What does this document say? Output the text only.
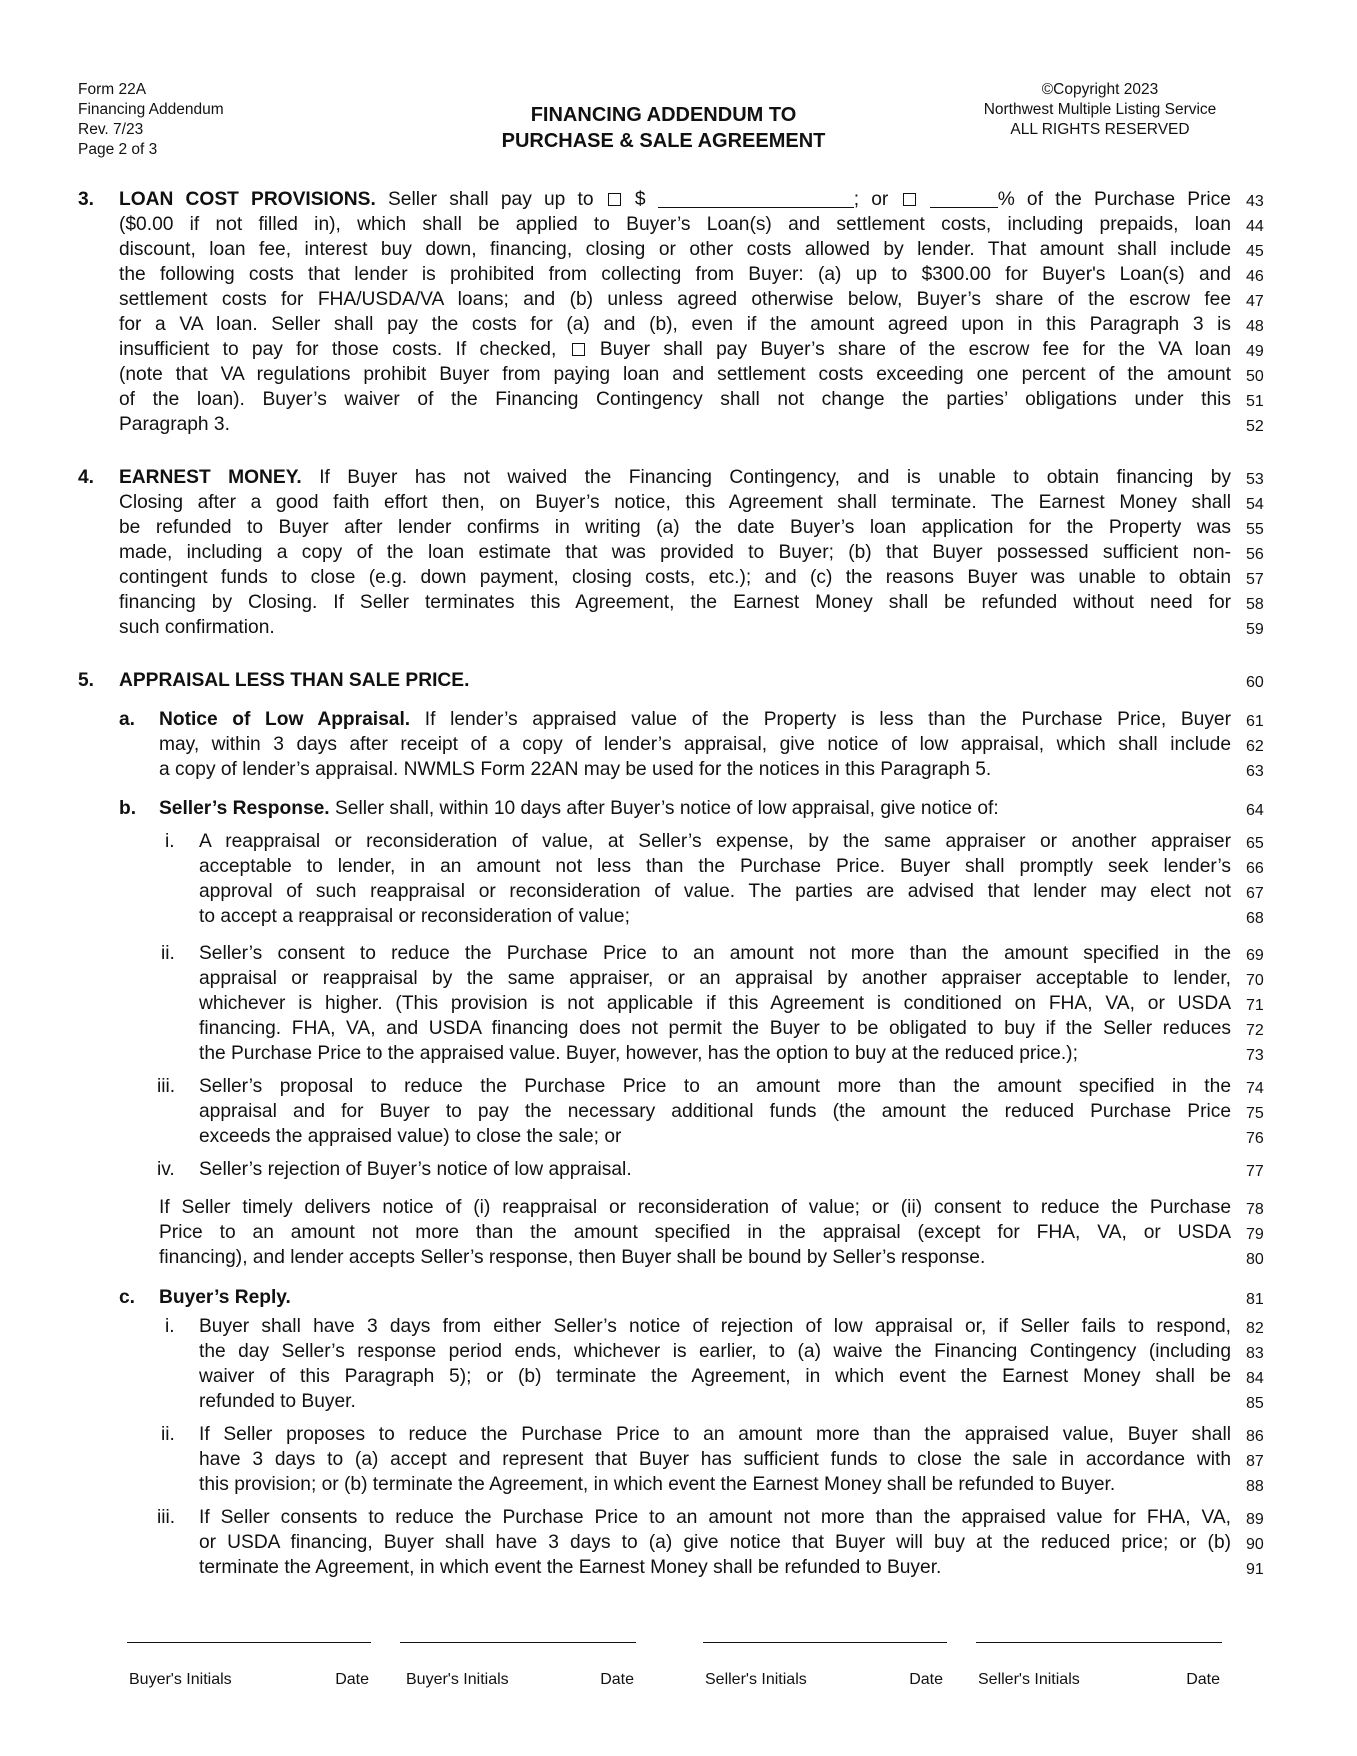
Form 22A
Financing Addendum
Rev. 7/23
Page 2 of 3
FINANCING ADDENDUM TO
PURCHASE & SALE AGREEMENT
©Copyright 2023
Northwest Multiple Listing Service
ALL RIGHTS RESERVED
3. LOAN COST PROVISIONS. Seller shall pay up to $	; or	% of the Purchase Price 43
($0.00 if not filled in), which shall be applied to Buyer’s Loan(s) and settlement costs, including prepaids, loan 44
discount, loan fee, interest buy down, financing, closing or other costs allowed by lender. That amount shall include 45
the following costs that lender is prohibited from collecting from Buyer: (a) up to $300.00 for Buyer's Loan(s) and 46
settlement costs for FHA/USDA/VA loans; and (b) unless agreed otherwise below, Buyer’s share of the escrow fee 47
for a VA loan. Seller shall pay the costs for (a) and (b), even if the amount agreed upon in this Paragraph 3 is 48
insufficient to pay for those costs. If checked, Buyer shall pay Buyer’s share of the escrow fee for the VA loan 49
(note that VA regulations prohibit Buyer from paying loan and settlement costs exceeding one percent of the amount 50
of the loan). Buyer’s waiver of the Financing Contingency shall not change the parties’ obligations under this 51
Paragraph 3.	52
4. EARNEST MONEY. If Buyer has not waived the Financing Contingency, and is unable to obtain financing by 53
Closing after a good faith effort then, on Buyer’s notice, this Agreement shall terminate. The Earnest Money shall 54
be refunded to Buyer after lender confirms in writing (a) the date Buyer’s loan application for the Property was 55
made, including a copy of the loan estimate that was provided to Buyer; (b) that Buyer possessed sufficient non- 56
contingent funds to close (e.g. down payment, closing costs, etc.); and (c) the reasons Buyer was unable to obtain 57
financing by Closing. If Seller terminates this Agreement, the Earnest Money shall be refunded without need for 58
such confirmation.	59
5. APPRAISAL LESS THAN SALE PRICE.	60
a. Notice of Low Appraisal. If lender’s appraised value of the Property is less than the Purchase Price, Buyer 61
may, within 3 days after receipt of a copy of lender’s appraisal, give notice of low appraisal, which shall include 62
a copy of lender’s appraisal. NWMLS Form 22AN may be used for the notices in this Paragraph 5.	63
b. Seller’s Response. Seller shall, within 10 days after Buyer’s notice of low appraisal, give notice of:	64
i. A reappraisal or reconsideration of value, at Seller’s expense, by the same appraiser or another appraiser 65
acceptable to lender, in an amount not less than the Purchase Price. Buyer shall promptly seek lender’s 66
approval of such reappraisal or reconsideration of value. The parties are advised that lender may elect not 67
to accept a reappraisal or reconsideration of value;	68
ii. Seller’s consent to reduce the Purchase Price to an amount not more than the amount specified in the 69
appraisal or reappraisal by the same appraiser, or an appraisal by another appraiser acceptable to lender, 70
whichever is higher. (This provision is not applicable if this Agreement is conditioned on FHA, VA, or USDA 71
financing. FHA, VA, and USDA financing does not permit the Buyer to be obligated to buy if the Seller reduces 72
the Purchase Price to the appraised value. Buyer, however, has the option to buy at the reduced price.);	73
iii. Seller’s proposal to reduce the Purchase Price to an amount more than the amount specified in the 74
appraisal and for Buyer to pay the necessary additional funds (the amount the reduced Purchase Price 75
exceeds the appraised value) to close the sale; or	76
iv. Seller’s rejection of Buyer’s notice of low appraisal.	77
If Seller timely delivers notice of (i) reappraisal or reconsideration of value; or (ii) consent to reduce the Purchase 78
Price to an amount not more than the amount specified in the appraisal (except for FHA, VA, or USDA 79
financing), and lender accepts Seller’s response, then Buyer shall be bound by Seller’s response.	80
c. Buyer’s Reply.	81
i. Buyer shall have 3 days from either Seller’s notice of rejection of low appraisal or, if Seller fails to respond, 82
the day Seller’s response period ends, whichever is earlier, to (a) waive the Financing Contingency (including 83
waiver of this Paragraph 5); or (b) terminate the Agreement, in which event the Earnest Money shall be 84
refunded to Buyer.	85
ii. If Seller proposes to reduce the Purchase Price to an amount more than the appraised value, Buyer shall 86
have 3 days to (a) accept and represent that Buyer has sufficient funds to close the sale in accordance with 87
this provision; or (b) terminate the Agreement, in which event the Earnest Money shall be refunded to Buyer.	88
iii. If Seller consents to reduce the Purchase Price to an amount not more than the appraised value for FHA, VA, 89
or USDA financing, Buyer shall have 3 days to (a) give notice that Buyer will buy at the reduced price; or (b) 90
terminate the Agreement, in which event the Earnest Money shall be refunded to Buyer.	91
Buyer's Initials	Date Buyer's Initials	Date	Seller's Initials	Date Seller's Initials	Date
